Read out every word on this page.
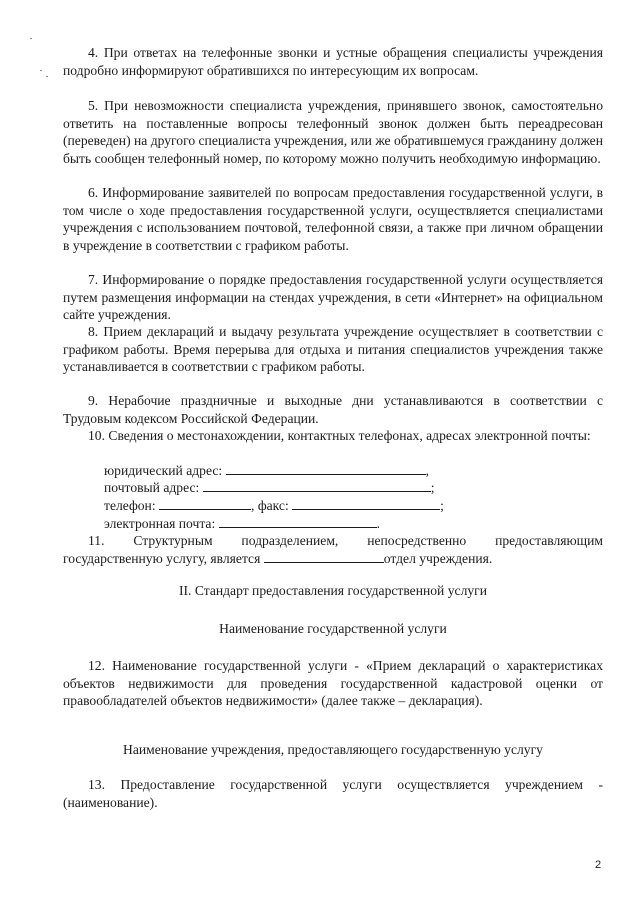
4. При ответах на телефонные звонки и устные обращения специалисты учреждения подробно информируют обратившихся по интересующим их вопросам.

5. При невозможности специалиста учреждения, принявшего звонок, самостоятельно ответить на поставленные вопросы телефонный звонок должен быть переадресован (переведен) на другого специалиста учреждения, или же обратившемуся гражданину должен быть сообщен телефонный номер, по которому можно получить необходимую информацию.

6. Информирование заявителей по вопросам предоставления государственной услуги, в том числе о ходе предоставления государственной услуги, осуществляется специалистами учреждения с использованием почтовой, телефонной связи, а также при личном обращении в учреждение в соответствии с графиком работы.

7. Информирование о порядке предоставления государственной услуги осуществляется путем размещения информации на стендах учреждения, в сети «Интернет» на официальном сайте учреждения.

8. Прием деклараций и выдачу результата учреждение осуществляет в соответствии с графиком работы. Время перерыва для отдыха и питания специалистов учреждения также устанавливается в соответствии с графиком работы.

9. Нерабочие праздничные и выходные дни устанавливаются в соответствии с Трудовым кодексом Российской Федерации.

10. Сведения о местонахождении, контактных телефонах, адресах электронной почты:

юридический адрес:	,
почтовый адрес:	;
телефон:	, факс:	;
электронная почта:	.

11. Структурным подразделением, непосредственно предоставляющим государственную услугу, является	отдел учреждения.

II. Стандарт предоставления государственной услуги

Наименование государственной услуги

12. Наименование государственной услуги - «Прием деклараций о характеристиках объектов недвижимости для проведения государственной кадастровой оценки от правообладателей объектов недвижимости» (далее также – декларация).

Наименование учреждения, предоставляющего государственную услугу

13. Предоставление государственной услуги осуществляется учреждением - (наименование).

2
